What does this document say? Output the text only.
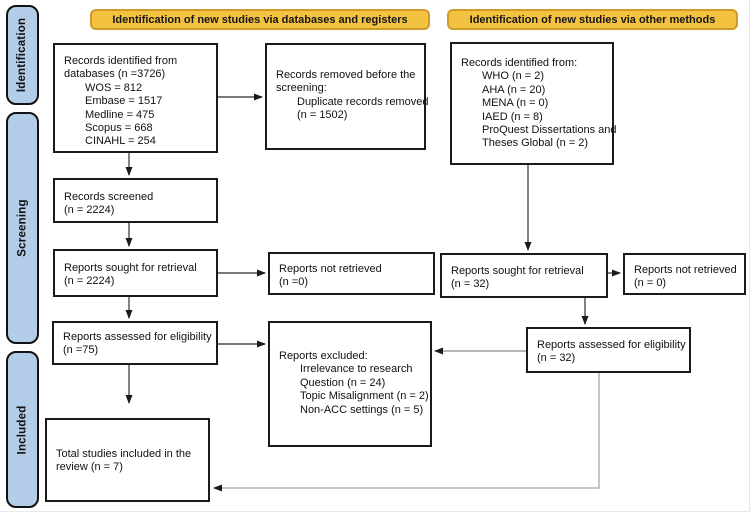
Identification
Screening
Included
Identification of new studies via databases and registers	Identification of new studies via other methods
Records identified from
databases (n =3726)
WOS = 812
Embase = 1517
Medline = 475
Scopus = 668
CINAHL = 254
Records removed before the
screening:
Duplicate records removed
(n = 1502)
Records screened
(n = 2224)
Reports sought for retrieval
(n = 2224)
Reports not retrieved
(n =0)
Reports assessed for eligibility
(n =75)	Reports excluded:
Irrelevance to research
Question (n = 24)
Topic Misalignment (n = 2)
Non-ACC settings (n = 5)
Total studies included in the
review (n = 7)
Records identified from:
WHO (n = 2)
AHA (n = 20)
MENA (n = 0)
IAED (n = 8)
ProQuest Dissertations and
Theses Global (n = 2)
Reports sought for retrieval
(n = 32)
Reports not retrieved
(n = 0)
Reports assessed for eligibility
(n = 32)
